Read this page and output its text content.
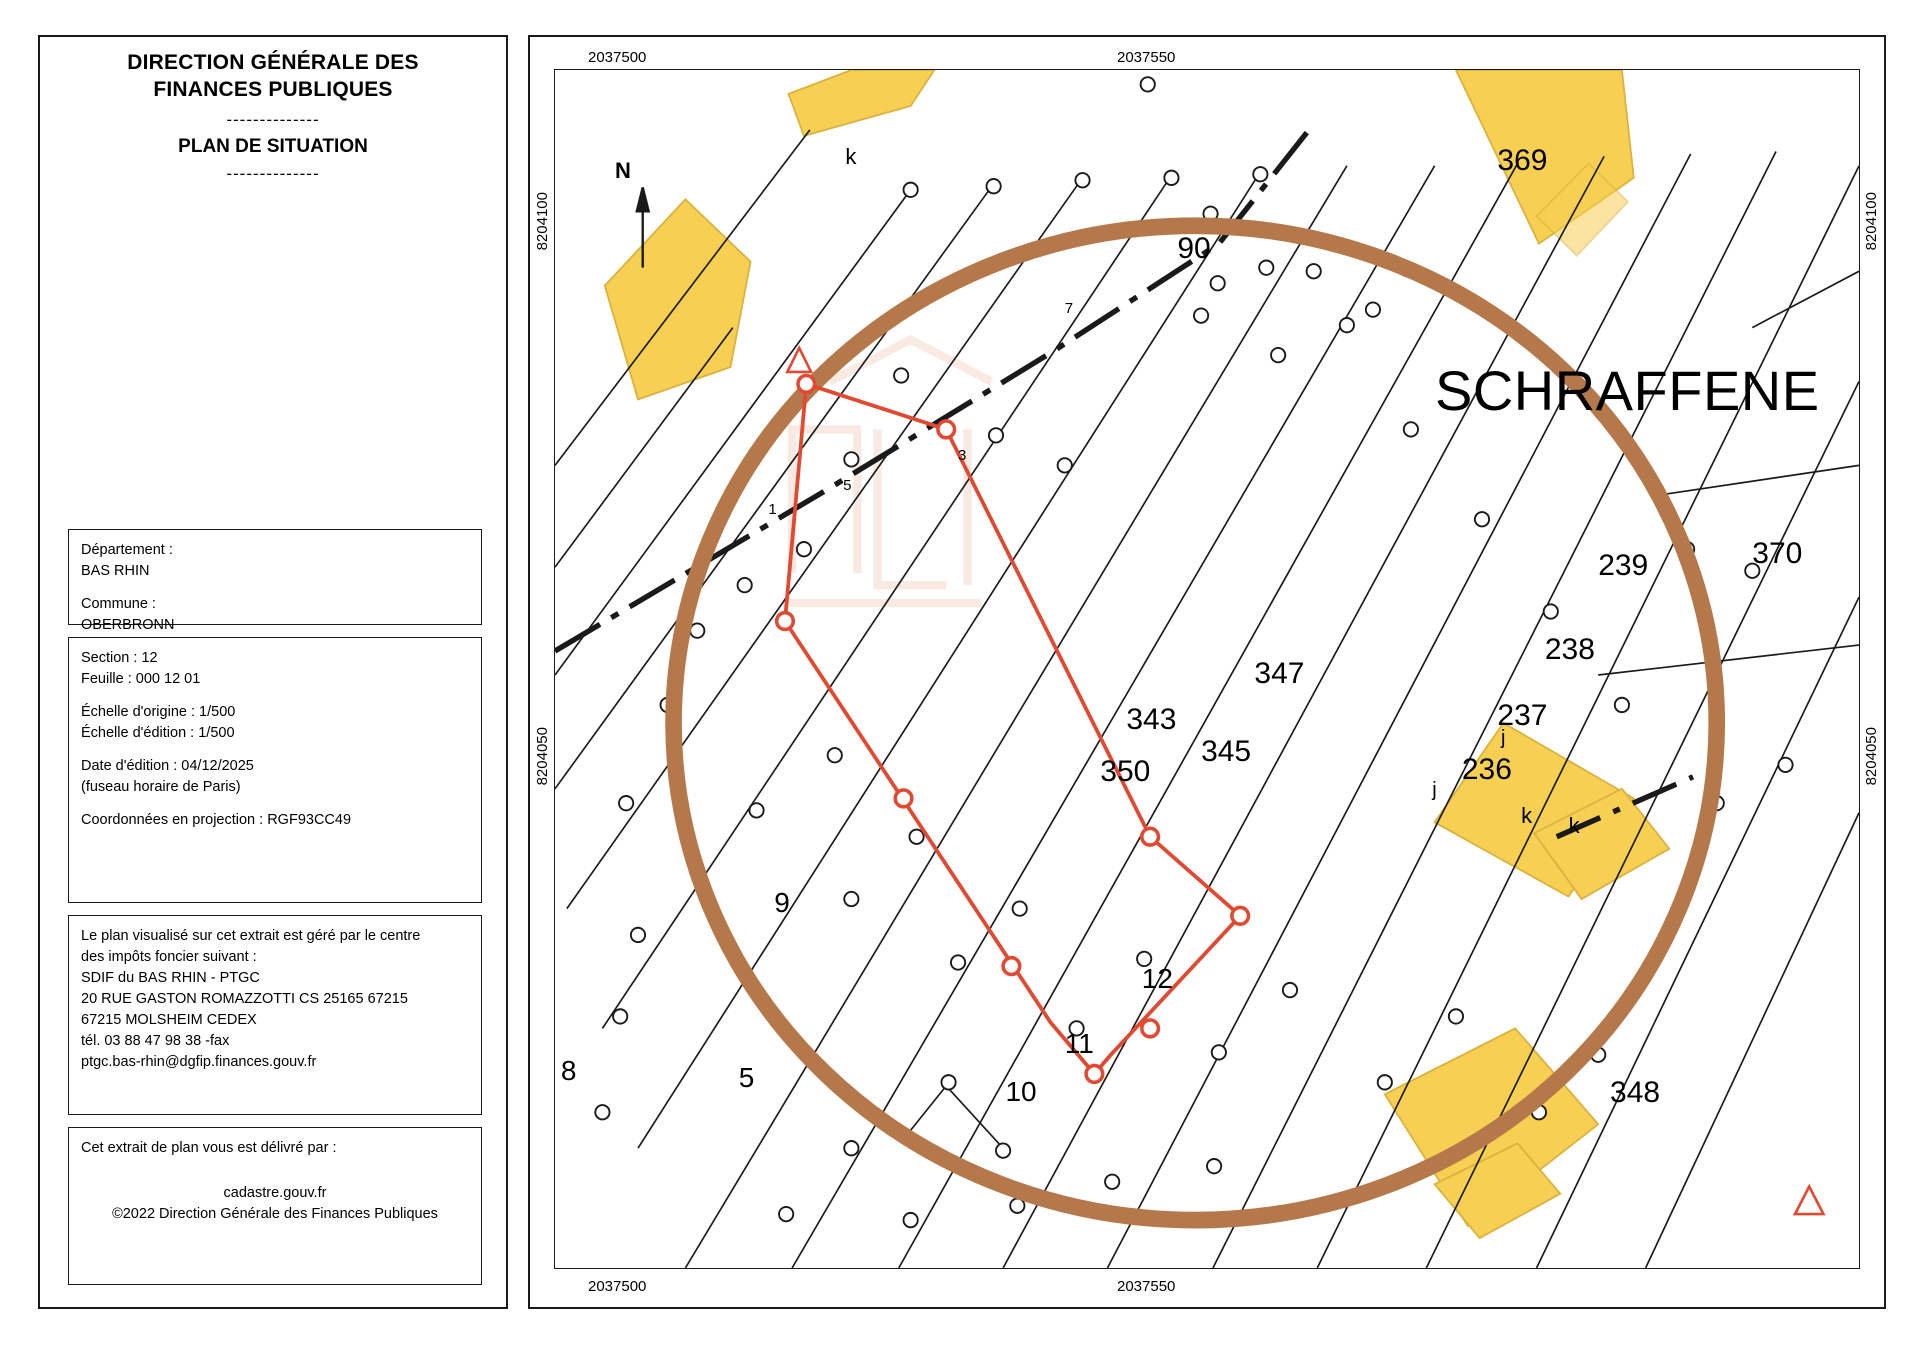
DIRECTION GÉNÉRALE DES
FINANCES PUBLIQUES
--------------
PLAN DE SITUATION
--------------
Département :
BAS RHIN
Commune :
OBERBRONN
Section : 12
Feuille : 000 12 01
Échelle d'origine : 1/500
Échelle d'édition : 1/500
Date d'édition : 04/12/2025
(fuseau horaire de Paris)
Coordonnées en projection : RGF93CC49
Le plan visualisé sur cet extrait est géré par le centre
des impôts foncier suivant :
SDIF du BAS RHIN - PTGC
20 RUE GASTON ROMAZZOTTI CS 25165 67215
67215 MOLSHEIM CEDEX
tél. 03 88 47 98 38 -fax
ptgc.bas-rhin@dgfip.finances.gouv.fr
Cet extrait de plan vous est délivré par :
cadastre.gouv.fr
©2022 Direction Générale des Finances Publiques
2037500	2037550
2037500	2037550
8204100
8204050
8204100
8204050
N
SCHRAFFENE
369
90
370
239
238
237
236
347
345
343
350
348
12
11
10
9
5
8
k
k k
j
j
7
5
3
1
